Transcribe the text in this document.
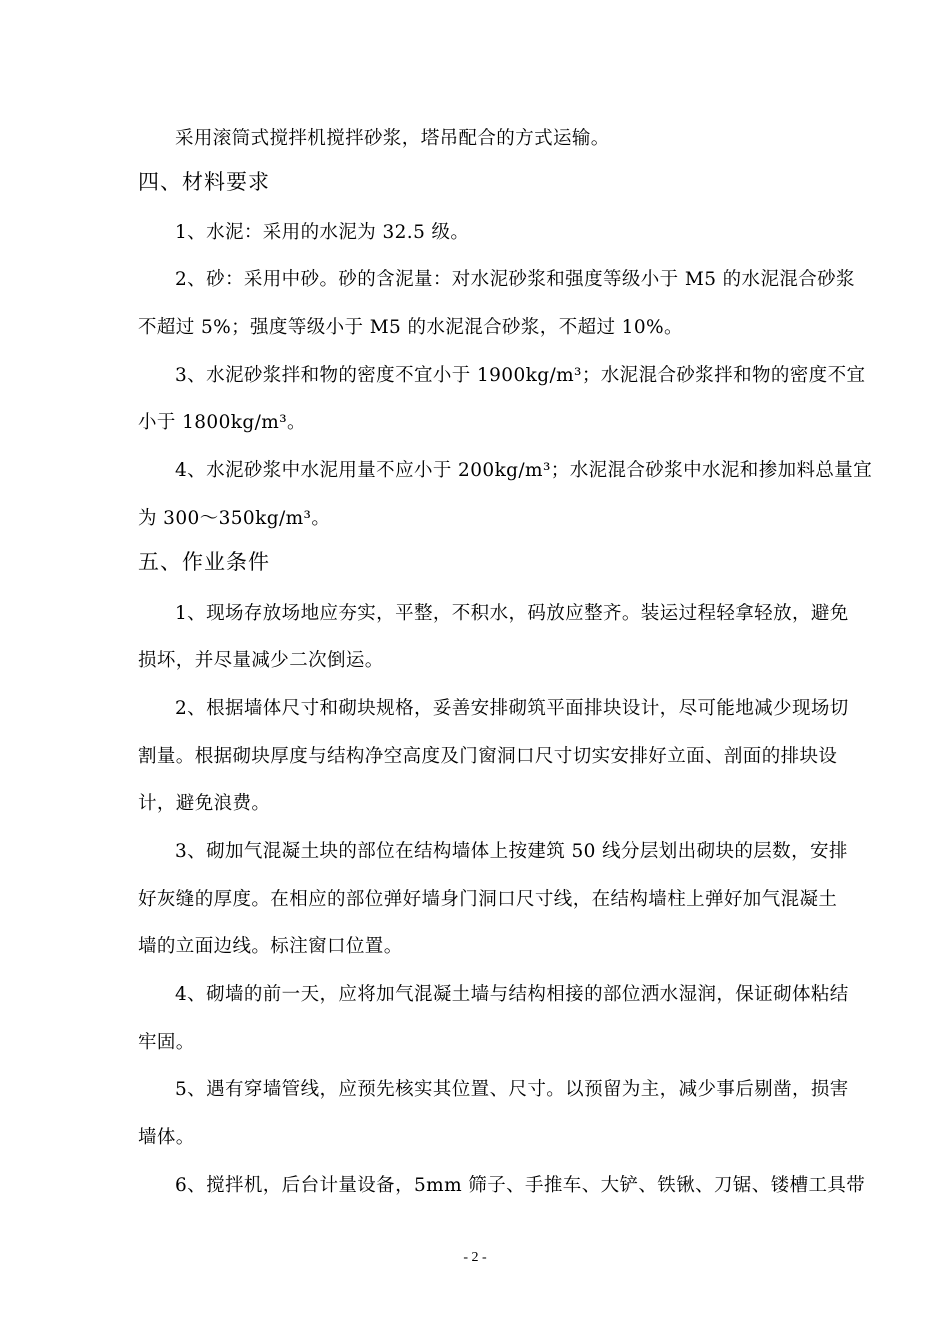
采用滚筒式搅拌机搅拌砂浆，塔吊配合的方式运输。
四、材料要求
1、水泥：采用的水泥为 32.5 级。
2、砂：采用中砂。砂的含泥量：对水泥砂浆和强度等级小于 M5 的水泥混合砂浆
不超过 5%；强度等级小于 M5 的水泥混合砂浆，不超过 10%。
3、水泥砂浆拌和物的密度不宜小于 1900kg/m³；水泥混合砂浆拌和物的密度不宜
小于 1800kg/m³。
4、水泥砂浆中水泥用量不应小于 200kg/m³；水泥混合砂浆中水泥和掺加料总量宜
为 300～350kg/m³。
五、作业条件
1、现场存放场地应夯实，平整，不积水，码放应整齐。装运过程轻拿轻放，避免
损坏，并尽量减少二次倒运。
2、根据墙体尺寸和砌块规格，妥善安排砌筑平面排块设计，尽可能地减少现场切
割量。根据砌块厚度与结构净空高度及门窗洞口尺寸切实安排好立面、剖面的排块设
计，避免浪费。
3、砌加气混凝土块的部位在结构墙体上按建筑 50 线分层划出砌块的层数，安排
好灰缝的厚度。在相应的部位弹好墙身门洞口尺寸线，在结构墙柱上弹好加气混凝土
墙的立面边线。标注窗口位置。
4、砌墙的前一天，应将加气混凝土墙与结构相接的部位洒水湿润，保证砌体粘结
牢固。
5、遇有穿墙管线，应预先核实其位置、尺寸。以预留为主，减少事后剔凿，损害
墙体。
6、搅拌机，后台计量设备，5mm 筛子、手推车、大铲、铁锹、刀锯、镂槽工具带
- 2 -
